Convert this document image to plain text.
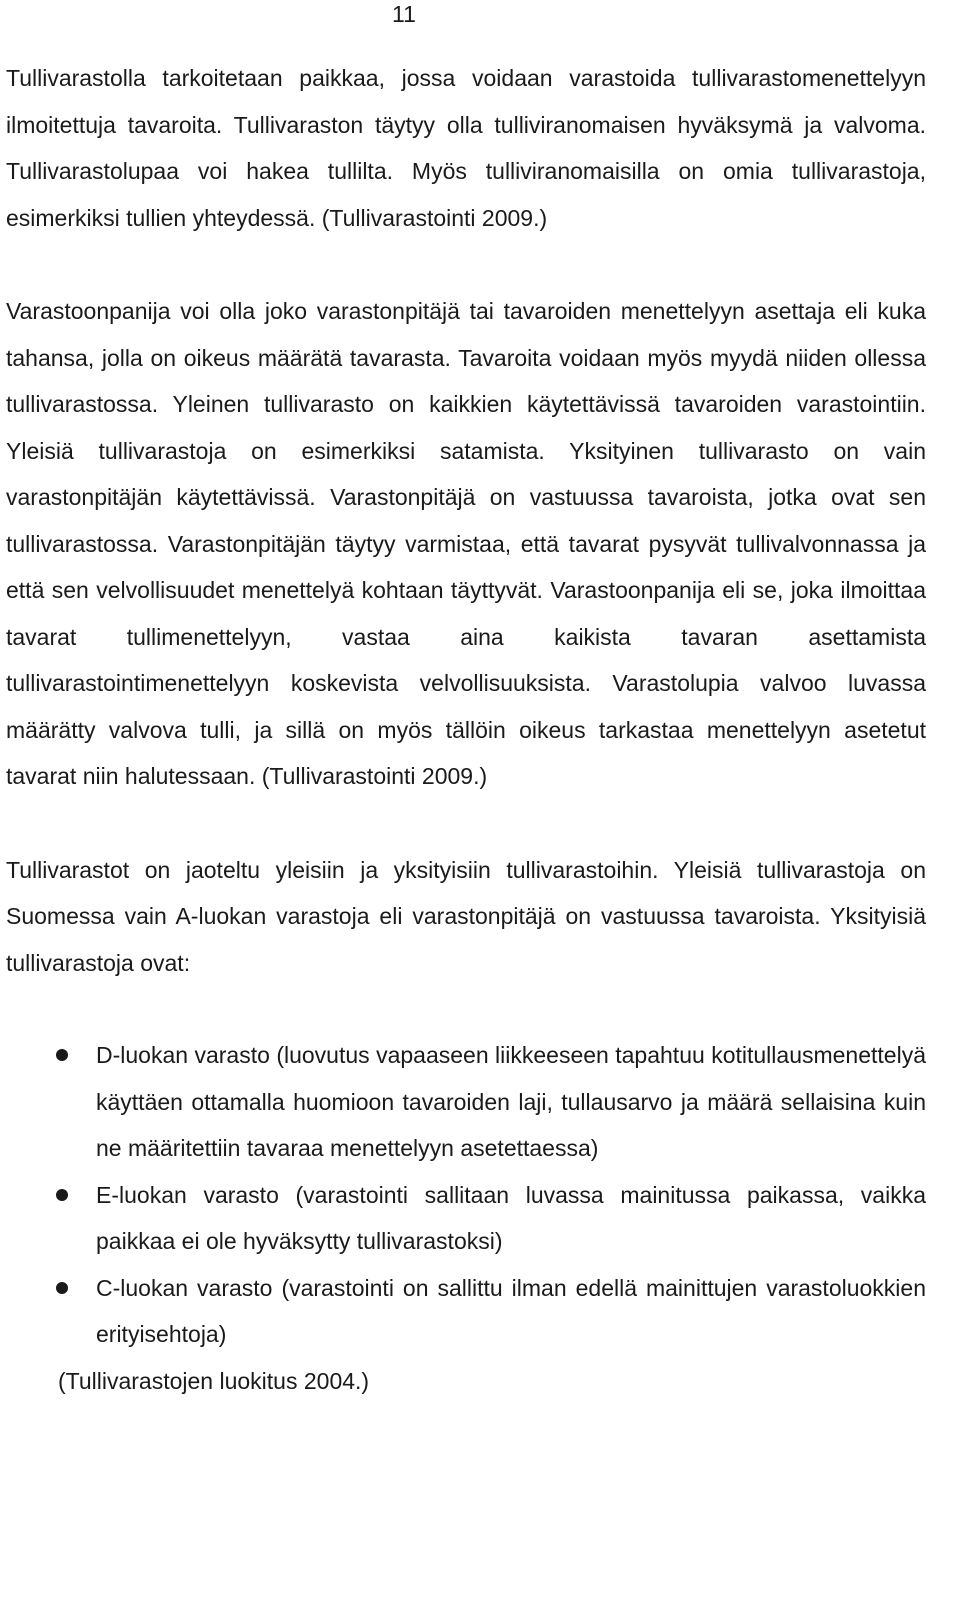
11

Tullivarastolla tarkoitetaan paikkaa, jossa voidaan varastoida tullivarastomenettelyyn ilmoitettuja tavaroita. Tullivaraston täytyy olla tulliviranomaisen hyväksymä ja valvoma. Tullivarastolupaa voi hakea tullilta. Myös tulliviranomaisilla on omia tullivarastoja, esimerkiksi tullien yhteydessä. (Tullivarastointi 2009.)

Varastoonpanija voi olla joko varastonpitäjä tai tavaroiden menettelyyn asettaja eli kuka tahansa, jolla on oikeus määrätä tavarasta. Tavaroita voidaan myös myydä niiden ollessa tullivarastossa. Yleinen tullivarasto on kaikkien käytettävissä tavaroiden varastointiin. Yleisiä tullivarastoja on esimerkiksi satamista. Yksityinen tullivarasto on vain varastonpitäjän käytettävissä. Varastonpitäjä on vastuussa tavaroista, jotka ovat sen tullivarastossa. Varastonpitäjän täytyy varmistaa, että tavarat pysyvät tullivalvonnassa ja että sen velvollisuudet menettelyä kohtaan täyttyvät. Varastoonpanija eli se, joka ilmoittaa tavarat tullimenettelyyn, vastaa aina kaikista tavaran asettamista tullivarastointimenettelyyn koskevista velvollisuuksista. Varastolupia valvoo luvassa määrätty valvova tulli, ja sillä on myös tällöin oikeus tarkastaa menettelyyn asetetut tavarat niin halutessaan. (Tullivarastointi 2009.)

Tullivarastot on jaoteltu yleisiin ja yksityisiin tullivarastoihin. Yleisiä tullivarastoja on Suomessa vain A-luokan varastoja eli varastonpitäjä on vastuussa tavaroista. Yksityisiä tullivarastoja ovat:

D-luokan varasto (luovutus vapaaseen liikkeeseen tapahtuu kotitullausmenettelyä käyttäen ottamalla huomioon tavaroiden laji, tullausarvo ja määrä sellaisina kuin ne määritettiin tavaraa menettelyyn asetettaessa)
E-luokan varasto (varastointi sallitaan luvassa mainitussa paikassa, vaikka paikkaa ei ole hyväksytty tullivarastoksi)
C-luokan varasto (varastointi on sallittu ilman edellä mainittujen varastoluokkien erityisehtoja)

(Tullivarastojen luokitus 2004.)
